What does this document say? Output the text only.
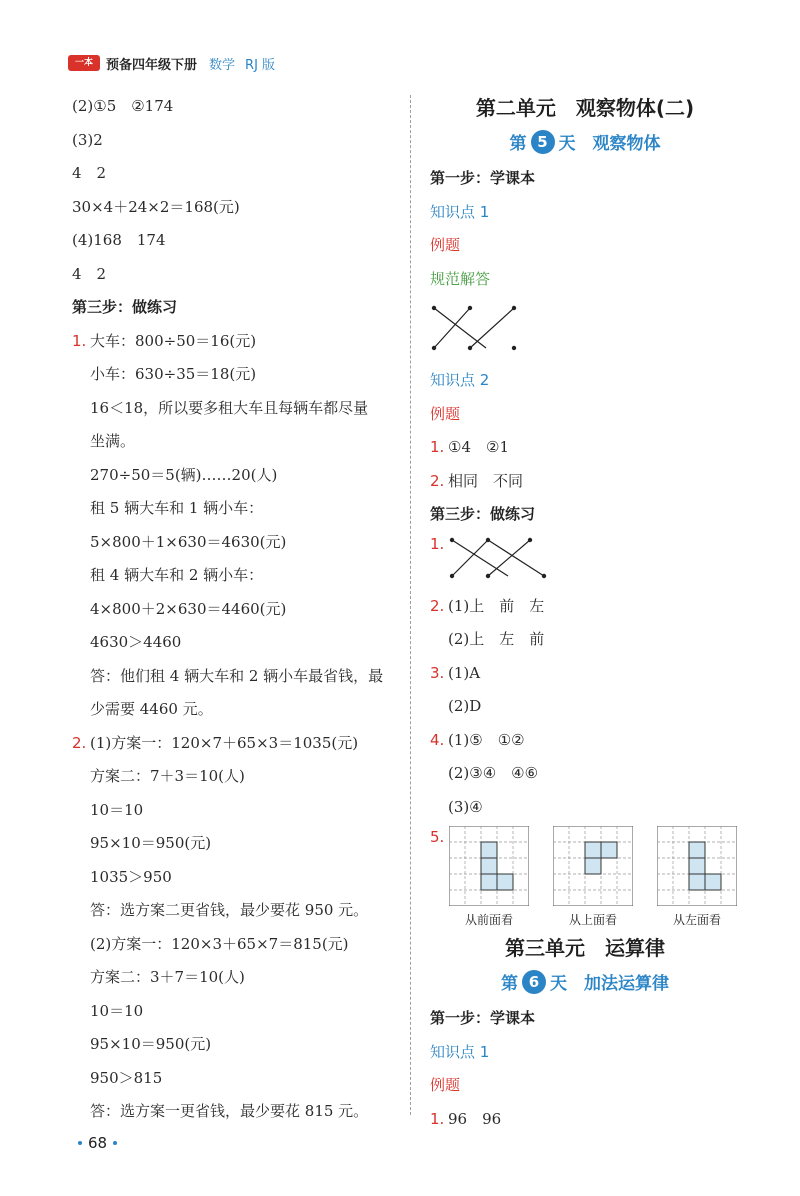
一本	预备四年级下册 数学 RJ 版
(2)①5　②174
(3)2
4　2
30×4＋24×2＝168(元)
(4)168　174
4　2
第三步：做练习
1. 大车：800÷50＝16(元)
小车：630÷35＝18(元)
16＜18，所以要多租大车且每辆车都尽量
坐满。
270÷50＝5(辆)……20(人)
租 5 辆大车和 1 辆小车：
5×800＋1×630＝4630(元)
租 4 辆大车和 2 辆小车：
4×800＋2×630＝4460(元)
4630＞4460
答：他们租 4 辆大车和 2 辆小车最省钱，最
少需要 4460 元。
2. (1)方案一：120×7＋65×3＝1035(元)
方案二：7＋3＝10(人)
10＝10
95×10＝950(元)
1035＞950
答：选方案二更省钱，最少要花 950 元。
(2)方案一：120×3＋65×7＝815(元)
方案二：3＋7＝10(人)
10＝10
95×10＝950(元)
950＞815
答：选方案一更省钱，最少要花 815 元。
第二单元　观察物体(二)
第 5 天　观察物体
第一步：学课本
知识点 1
例题
规范解答
知识点 2
例题
1. ①4　②1
2. 相同　不同
第三步：做练习
1.
2. (1)上　前　左
(2)上　左　前
3. (1)A
(2)D
4. (1)⑤　①②
(2)③④　④⑥
(3)④
5.
从前面看	从上面看	从左面看
第三单元　运算律
第 6 天　加法运算律
第一步：学课本
知识点 1
例题
1. 96　96
68
